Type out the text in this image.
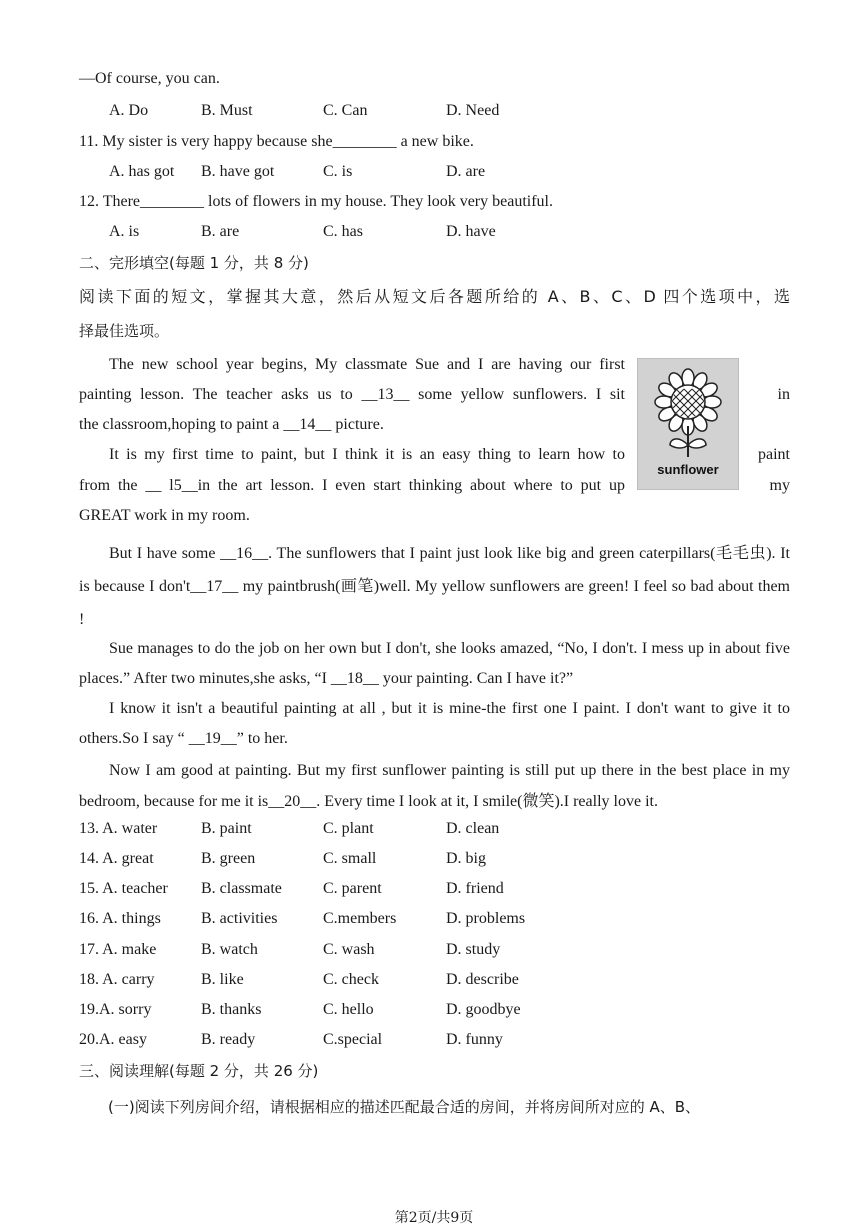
—Of course, you can.
A. Do	B. Must	C. Can	D. Need
11. My sister is very happy because she________ a new bike.
A. has got B. have got	C. is	D. are
12. There________ lots of flowers in my house. They look very beautiful.
A. is	B. are	C. has	D. have
二、完形填空(每题 1 分，共 8 分)
阅读下面的短文，掌握其大意，然后从短文后各题所给的 A、B、C、D 四个选项中，选
择最佳选项。
The new school year begins, My classmate Sue and I are having our first
painting lesson. The teacher asks us to __13__ some yellow sunflowers. I sit	in
the classroom,hoping to paint a __14__ picture.
It is my first time to paint, but I think it is an easy thing to learn how to	paint
from the __ l5__in the art lesson. I even start thinking about where to put up	my
GREAT work in my room.
sunflower
But I have some __16__. The sunflowers that I paint just look like big and green caterpillars(毛毛虫). It is because I don't__17__ my paintbrush(画笔)well. My yellow sunflowers are green! I feel so bad about them !
Sue manages to do the job on her own but I don't, she looks amazed, “No, I don't. I mess up in about five places.” After two minutes,she asks, “I __18__ your painting. Can I have it?”
I know it isn't a beautiful painting at all , but it is mine-the first one I paint. I don't want to give it to others.So I say “ __19__” to her.
Now I am good at painting. But my first sunflower painting is still put up there in the best place in my bedroom, because for me it is__20__. Every time I look at it, I smile(微笑).I really love it.
13. A. water	B. paint	C. plant	D. clean
14. A. great	B. green	C. small	D. big
15. A. teacher B. classmate	C. parent	D. friend
16. A. things	B. activities	C.members	D. problems
17. A. make	B. watch	C. wash	D. study
18. A. carry	B. like	C. check	D. describe
19.A. sorry	B. thanks	C. hello	D. goodbye
20.A. easy	B. ready	C.special	D. funny
三、阅读理解(每题 2 分，共 26 分)
(一)阅读下列房间介绍，请根据相应的描述匹配最合适的房间，并将房间所对应的 A、B、
第2页/共9页
